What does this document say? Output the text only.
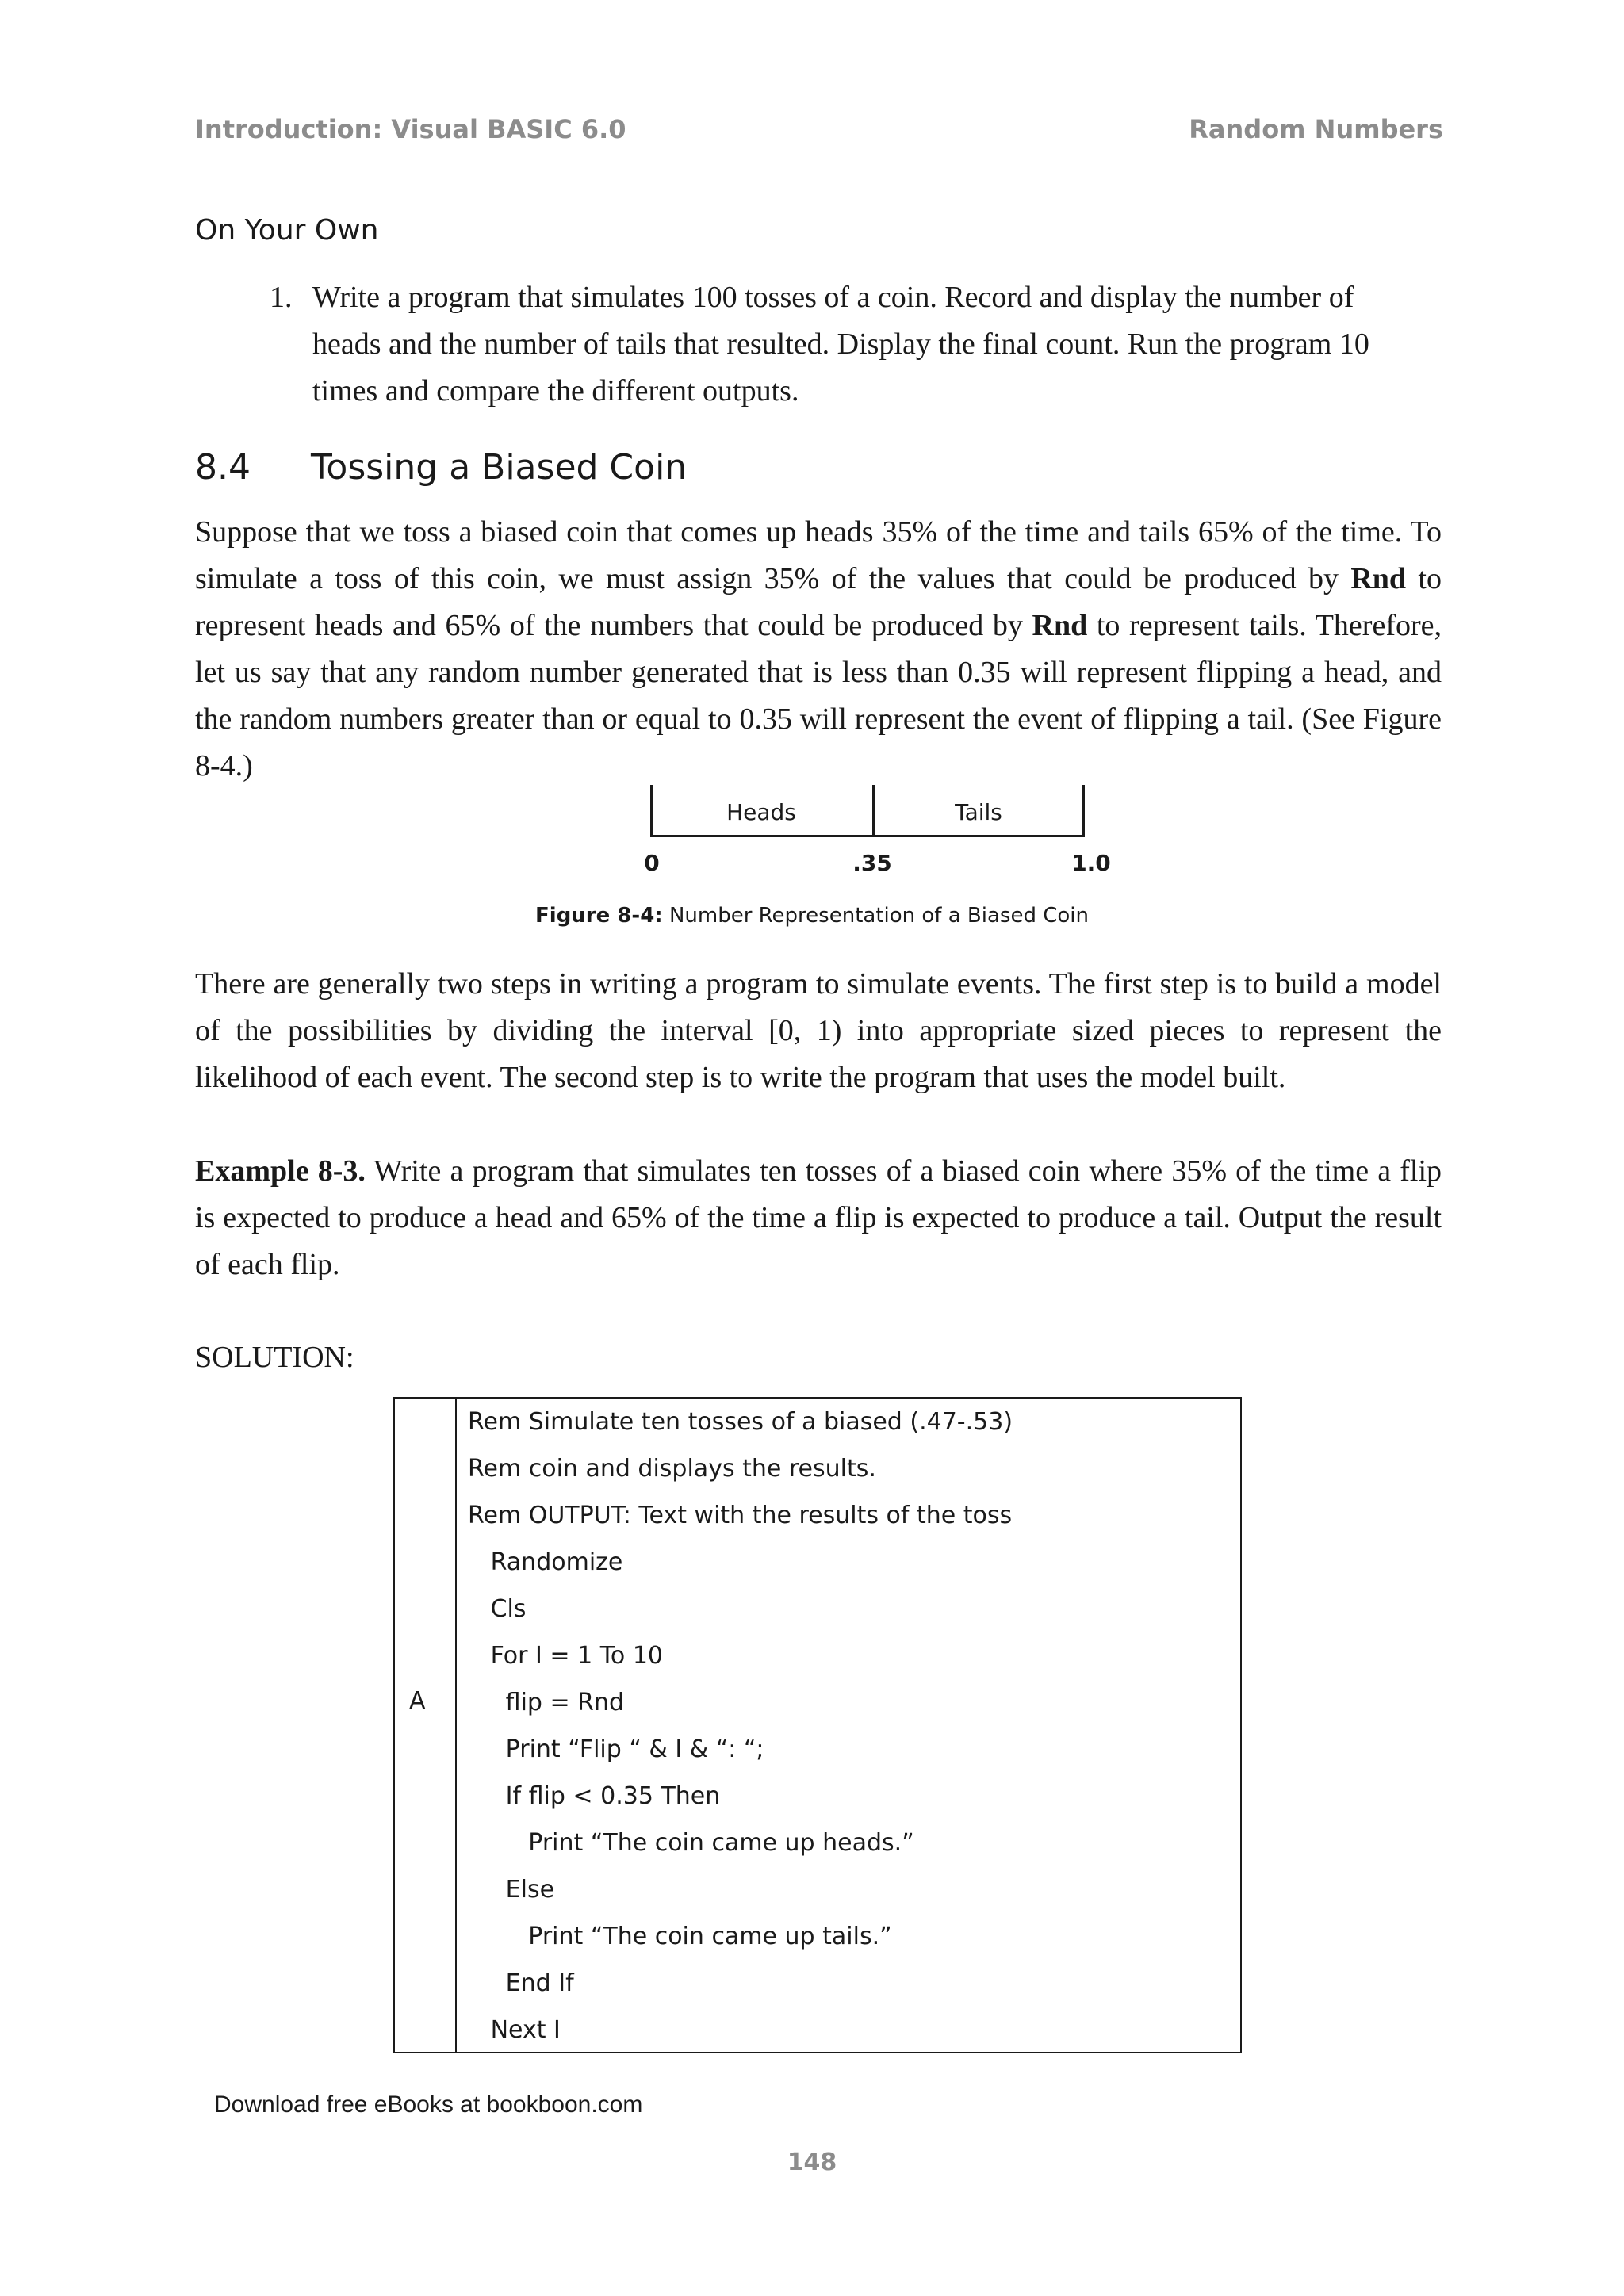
Introduction: Visual BASIC 6.0	Random Numbers
On Your Own
1. Write a program that simulates 100 tosses of a coin. Record and display the number of heads and the number of tails that resulted. Display the final count. Run the program 10 times and compare the different outputs.

8.4 Tossing a Biased Coin

Suppose that we toss a biased coin that comes up heads 35% of the time and tails 65% of the time. To simulate a toss of this coin, we must assign 35% of the values that could be produced by Rnd to represent heads and 65% of the numbers that could be produced by Rnd to represent tails. Therefore, let us say that any random number generated that is less than 0.35 will represent flipping a head, and the random numbers greater than or equal to 0.35 will represent the event of flipping a tail. (See Figure 8-4.)

Heads	Tails
0	.35	1.0
Figure 8-4: Number Representation of a Biased Coin

There are generally two steps in writing a program to simulate events. The first step is to build a model of the possibilities by dividing the interval [0, 1) into appropriate sized pieces to represent the likelihood of each event. The second step is to write the program that uses the model built.

Example 8-3. Write a program that simulates ten tosses of a biased coin where 35% of the time a flip is expected to produce a head and 65% of the time a flip is expected to produce a tail. Output the result of each flip.

SOLUTION:
A
Rem Simulate ten tosses of a biased (.47-.53)
Rem coin and displays the results.
Rem OUTPUT: Text with the results of the toss
Randomize
Cls
For I = 1 To 10
flip = Rnd
Print “Flip “ & I & “: “;
If flip < 0.35 Then
Print “The coin came up heads.”
Else
Print “The coin came up tails.”
End If
Next I
Download free eBooks at bookboon.com
148
